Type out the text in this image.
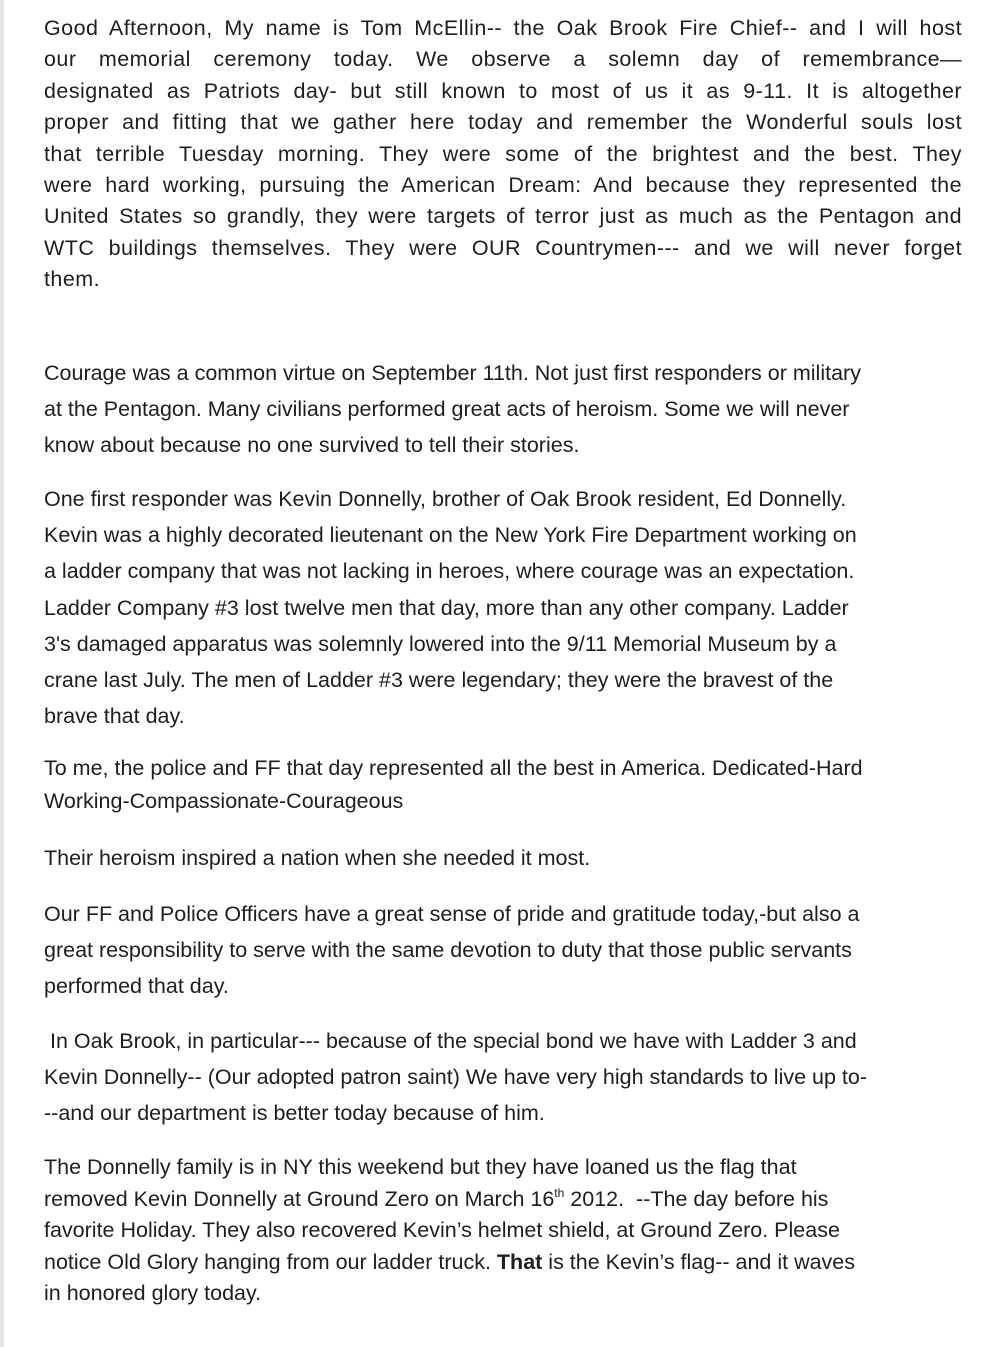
Good Afternoon, My name is Tom McEllin-- the Oak Brook Fire Chief-- and I will host
our memorial ceremony today. We observe a solemn day of remembrance—
designated as Patriots day- but still known to most of us it as 9-11. It is altogether
proper and fitting that we gather here today and remember the Wonderful souls lost
that terrible Tuesday morning. They were some of the brightest and the best. They
were hard working, pursuing the American Dream: And because they represented the
United States so grandly, they were targets of terror just as much as the Pentagon and
WTC buildings themselves. They were OUR Countrymen--- and we will never forget
them.
Courage was a common virtue on September 11th. Not just first responders or military
at the Pentagon. Many civilians performed great acts of heroism. Some we will never
know about because no one survived to tell their stories.
One first responder was Kevin Donnelly, brother of Oak Brook resident, Ed Donnelly.
Kevin was a highly decorated lieutenant on the New York Fire Department working on
a ladder company that was not lacking in heroes, where courage was an expectation.
Ladder Company #3 lost twelve men that day, more than any other company. Ladder
3's damaged apparatus was solemnly lowered into the 9/11 Memorial Museum by a
crane last July. The men of Ladder #3 were legendary; they were the bravest of the
brave that day.
To me, the police and FF that day represented all the best in America. Dedicated-Hard
Working-Compassionate-Courageous
Their heroism inspired a nation when she needed it most.
Our FF and Police Officers have a great sense of pride and gratitude today,-but also a
great responsibility to serve with the same devotion to duty that those public servants
performed that day.
In Oak Brook, in particular--- because of the special bond we have with Ladder 3 and
Kevin Donnelly-- (Our adopted patron saint) We have very high standards to live up to-
--and our department is better today because of him.
The Donnelly family is in NY this weekend but they have loaned us the flag that
removed Kevin Donnelly at Ground Zero on March 16th 2012.  --The day before his
favorite Holiday. They also recovered Kevin’s helmet shield, at Ground Zero. Please
notice Old Glory hanging from our ladder truck. That is the Kevin’s flag-- and it waves
in honored glory today.
